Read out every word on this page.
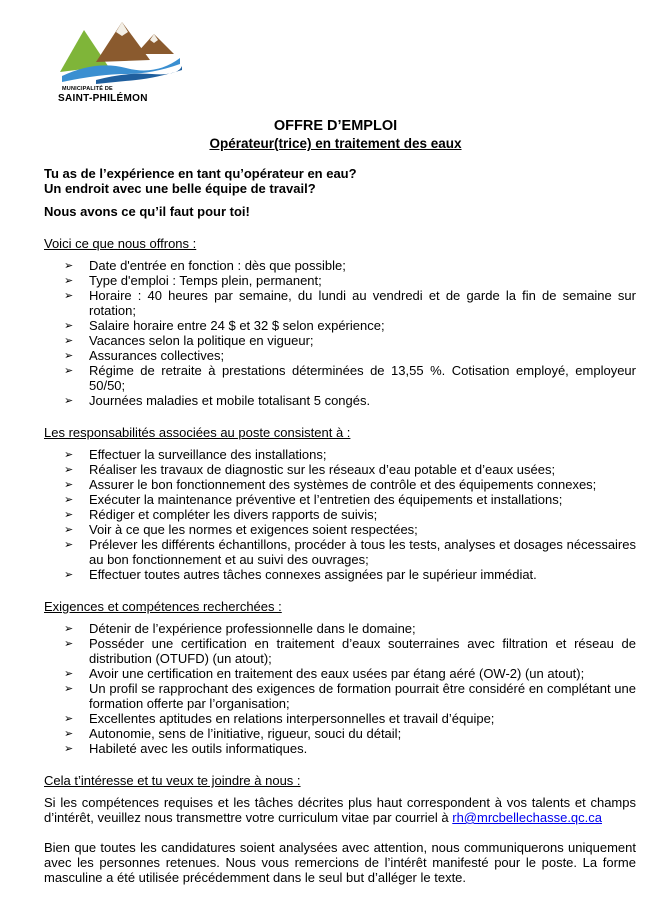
MUNICIPALITÉ DE
SAINT-PHILÉMON
OFFRE D’EMPLOI
Opérateur(trice) en traitement des eaux
Tu as de l’expérience en tant qu’opérateur en eau?
Un endroit avec une belle équipe de travail?
Nous avons ce qu’il faut pour toi!
Voici ce que nous offrons :
➢ Date d'entrée en fonction : dès que possible;
➢ Type d'emploi : Temps plein, permanent;
➢ Horaire : 40 heures par semaine, du lundi au vendredi et de garde la fin de semaine sur rotation;
➢ Salaire horaire entre 24 $ et 32 $ selon expérience;
➢ Vacances selon la politique en vigueur;
➢ Assurances collectives;
➢ Régime de retraite à prestations déterminées de 13,55 %. Cotisation employé, employeur 50/50;
➢ Journées maladies et mobile totalisant 5 congés.
Les responsabilités associées au poste consistent à :
➢ Effectuer la surveillance des installations;
➢ Réaliser les travaux de diagnostic sur les réseaux d’eau potable et d’eaux usées;
➢ Assurer le bon fonctionnement des systèmes de contrôle et des équipements connexes;
➢ Exécuter la maintenance préventive et l’entretien des équipements et installations;
➢ Rédiger et compléter les divers rapports de suivis;
➢ Voir à ce que les normes et exigences soient respectées;
➢ Prélever les différents échantillons, procéder à tous les tests, analyses et dosages nécessaires au bon fonctionnement et au suivi des ouvrages;
➢ Effectuer toutes autres tâches connexes assignées par le supérieur immédiat.
Exigences et compétences recherchées :
➢ Détenir de l’expérience professionnelle dans le domaine;
➢ Posséder une certification en traitement d’eaux souterraines avec filtration et réseau de distribution (OTUFD) (un atout);
➢ Avoir une certification en traitement des eaux usées par étang aéré (OW-2) (un atout);
➢ Un profil se rapprochant des exigences de formation pourrait être considéré en complétant une formation offerte par l’organisation;
➢ Excellentes aptitudes en relations interpersonnelles et travail d’équipe;
➢ Autonomie, sens de l’initiative, rigueur, souci du détail;
➢ Habileté avec les outils informatiques.
Cela t’intéresse et tu veux te joindre à nous :

Si les compétences requises et les tâches décrites plus haut correspondent à vos talents et champs d’intérêt, veuillez nous transmettre votre curriculum vitae par courriel à rh@mrcbellechasse.qc.ca

Bien que toutes les candidatures soient analysées avec attention, nous communiquerons uniquement avec les personnes retenues. Nous vous remercions de l’intérêt manifesté pour le poste. La forme masculine a été utilisée précédemment dans le seul but d’alléger le texte.
